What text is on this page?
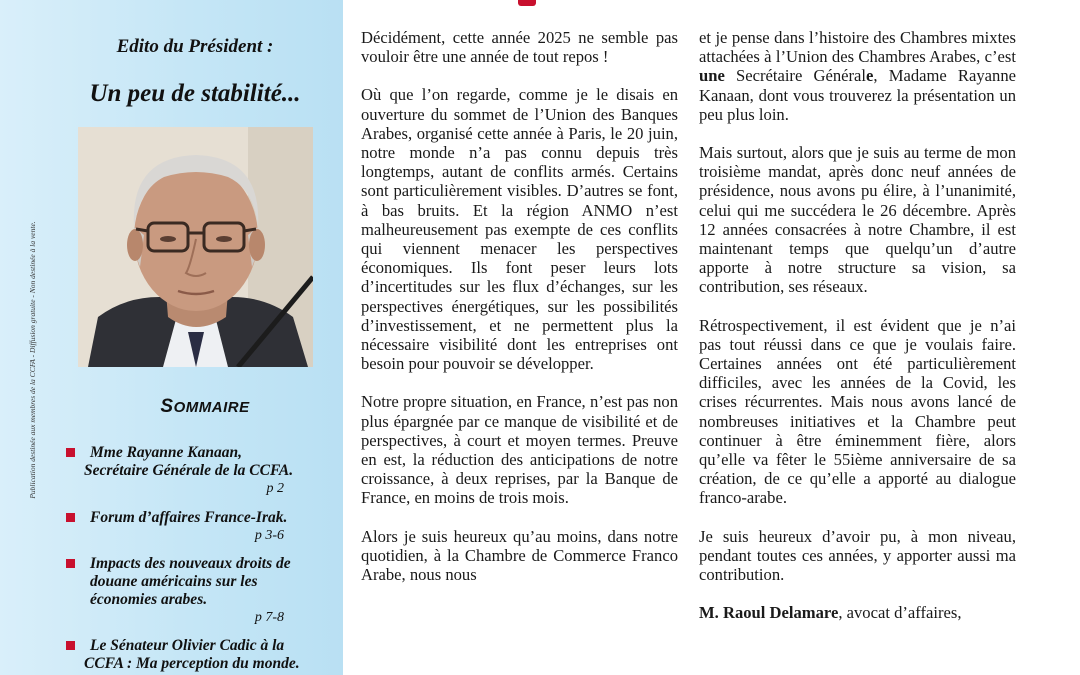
Publication destinée aux membres de la CCFA - Diffusion gratuite - Non destinée à la vente.
Edito du Président :
Un peu de stabilité...
SOMMAIRE
Mme Rayanne Kanaan,
Secrétaire Générale de la CCFA.
p 2
Forum d’affaires France-Irak.
p 3-6
Impacts des nouveaux droits de
douane américains sur les
économies arabes.
p 7-8
Le Sénateur Olivier Cadic à la
CCFA : Ma perception du monde.

Décidément, cette année 2025 ne semble pas vouloir être une année de tout repos !

Où que l’on regarde, comme je le disais en ouverture du sommet de l’Union des Banques Arabes, organisé cette année à Paris, le 20 juin, notre monde n’a pas connu depuis très longtemps, autant de conflits armés. Certains sont particulièrement visibles. D’autres se font, à bas bruits. Et la région ANMO n’est malheureusement pas exempte de ces conflits qui viennent menacer les perspectives économiques. Ils font peser leurs lots d’incertitudes sur les flux d’échanges, sur les perspectives énergétiques, sur les possibilités d’investissement, et ne permettent plus la nécessaire visibilité dont les entreprises ont besoin pour pouvoir se développer.

Notre propre situation, en France, n’est pas non plus épargnée par ce manque de visibilité et de perspectives, à court et moyen termes. Preuve en est, la réduction des anticipations de notre croissance, à deux reprises, par la Banque de France, en moins de trois mois.

Alors je suis heureux qu’au moins, dans notre quotidien, à la Chambre de Commerce Franco Arabe, nous nous

et je pense dans l’histoire des Chambres mixtes attachées à l’Union des Chambres Arabes, c’est une Secrétaire Générale, Madame Rayanne Kanaan, dont vous trouverez la présentation un peu plus loin.

Mais surtout, alors que je suis au terme de mon troisième mandat, après donc neuf années de présidence, nous avons pu élire, à l’unanimité, celui qui me succédera le 26 décembre. Après 12 années consacrées à notre Chambre, il est maintenant temps que quelqu’un d’autre apporte à notre structure sa vision, sa contribution, ses réseaux.

Rétrospectivement, il est évident que je n’ai pas tout réussi dans ce que je voulais faire. Certaines années ont été particulièrement difficiles, avec les années de la Covid, les crises récurrentes. Mais nous avons lancé de nombreuses initiatives et la Chambre peut continuer à être éminemment fière, alors qu’elle va fêter le 55ième anniversaire de sa création, de ce qu’elle a apporté au dialogue franco-arabe.

Je suis heureux d’avoir pu, à mon niveau, pendant toutes ces années, y apporter aussi ma contribution.

M. Raoul Delamare, avocat d’affaires,
